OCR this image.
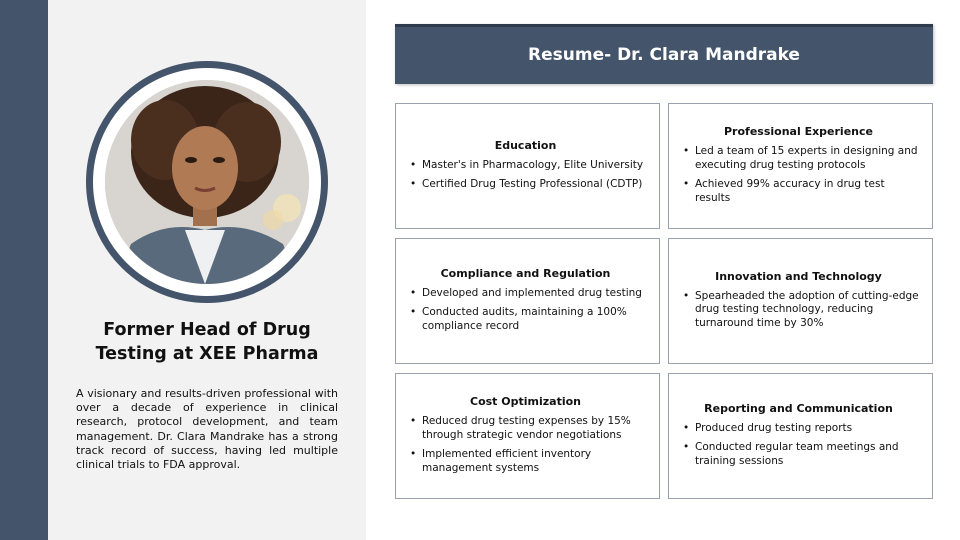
Former Head of Drug Testing at XEE Pharma

A visionary and results-driven professional with over a decade of experience in clinical research, protocol development, and team management. Dr. Clara Mandrake has a strong track record of success, having led multiple clinical trials to FDA approval.

Resume- Dr. Clara Mandrake
Education
• Master's in Pharmacology, Elite University
• Certified Drug Testing Professional (CDTP)
Professional Experience
• Led a team of 15 experts in designing and executing drug testing protocols
• Achieved 99% accuracy in drug test results
Compliance and Regulation
• Developed and implemented drug testing
• Conducted audits, maintaining a 100% compliance record
Innovation and Technology
• Spearheaded the adoption of cutting-edge drug testing technology, reducing turnaround time by 30%
Cost Optimization
• Reduced drug testing expenses by 15% through strategic vendor negotiations
• Implemented efficient inventory management systems
Reporting and Communication
• Produced drug testing reports
• Conducted regular team meetings and training sessions
